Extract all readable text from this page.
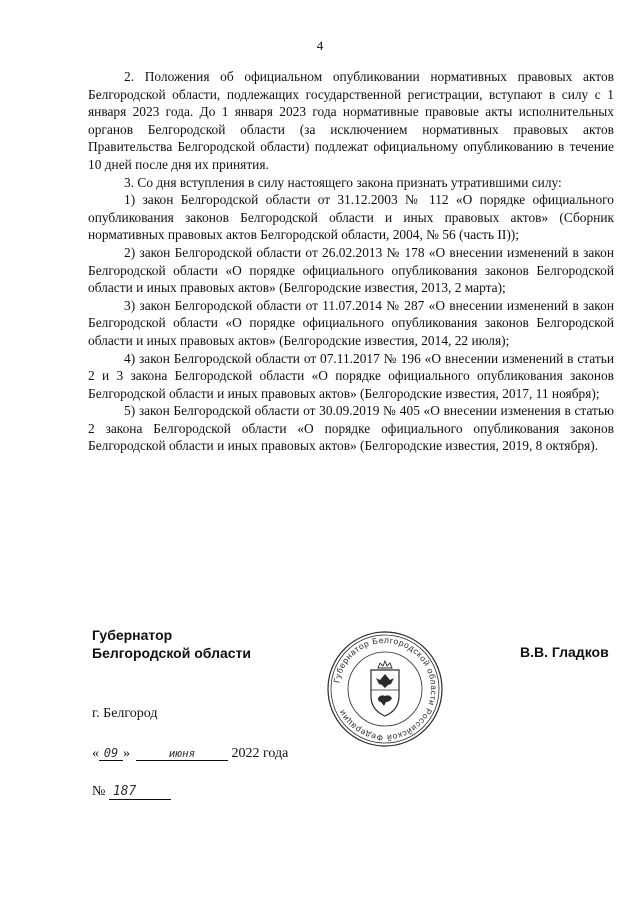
4

2. Положения об официальном опубликовании нормативных правовых актов Белгородской области, подлежащих государственной регистрации, вступают в силу с 1 января 2023 года. До 1 января 2023 года нормативные правовые акты исполнительных органов Белгородской области (за исключением нормативных правовых актов Правительства Белгородской области) подлежат официальному опубликованию в течение 10 дней после дня их принятия.

3. Со дня вступления в силу настоящего закона признать утратившими силу:

1) закон Белгородской области от 31.12.2003 № 112 «О порядке официального опубликования законов Белгородской области и иных правовых актов» (Сборник нормативных правовых актов Белгородской области, 2004, № 56 (часть II));

2) закон Белгородской области от 26.02.2013 № 178 «О внесении изменений в закон Белгородской области «О порядке официального опубликования законов Белгородской области и иных правовых актов» (Белгородские известия, 2013, 2 марта);

3) закон Белгородской области от 11.07.2014 № 287 «О внесении изменений в закон Белгородской области «О порядке официального опубликования законов Белгородской области и иных правовых актов» (Белгородские известия, 2014, 22 июля);

4) закон Белгородской области от 07.11.2017 № 196 «О внесении изменений в статьи 2 и 3 закона Белгородской области «О порядке официального опубликования законов Белгородской области и иных правовых актов» (Белгородские известия, 2017, 11 ноября);

5) закон Белгородской области от 30.09.2019 № 405 «О внесении изменения в статью 2 закона Белгородской области «О порядке официального опубликования законов Белгородской области и иных правовых актов» (Белгородские известия, 2019, 8 октября).

Губернатор
Белгородской области
Губернатор Белгородской области Российской Федерации
В.В. Гладков
г. Белгород
« 09 »	июня	2022 года
№ 187
